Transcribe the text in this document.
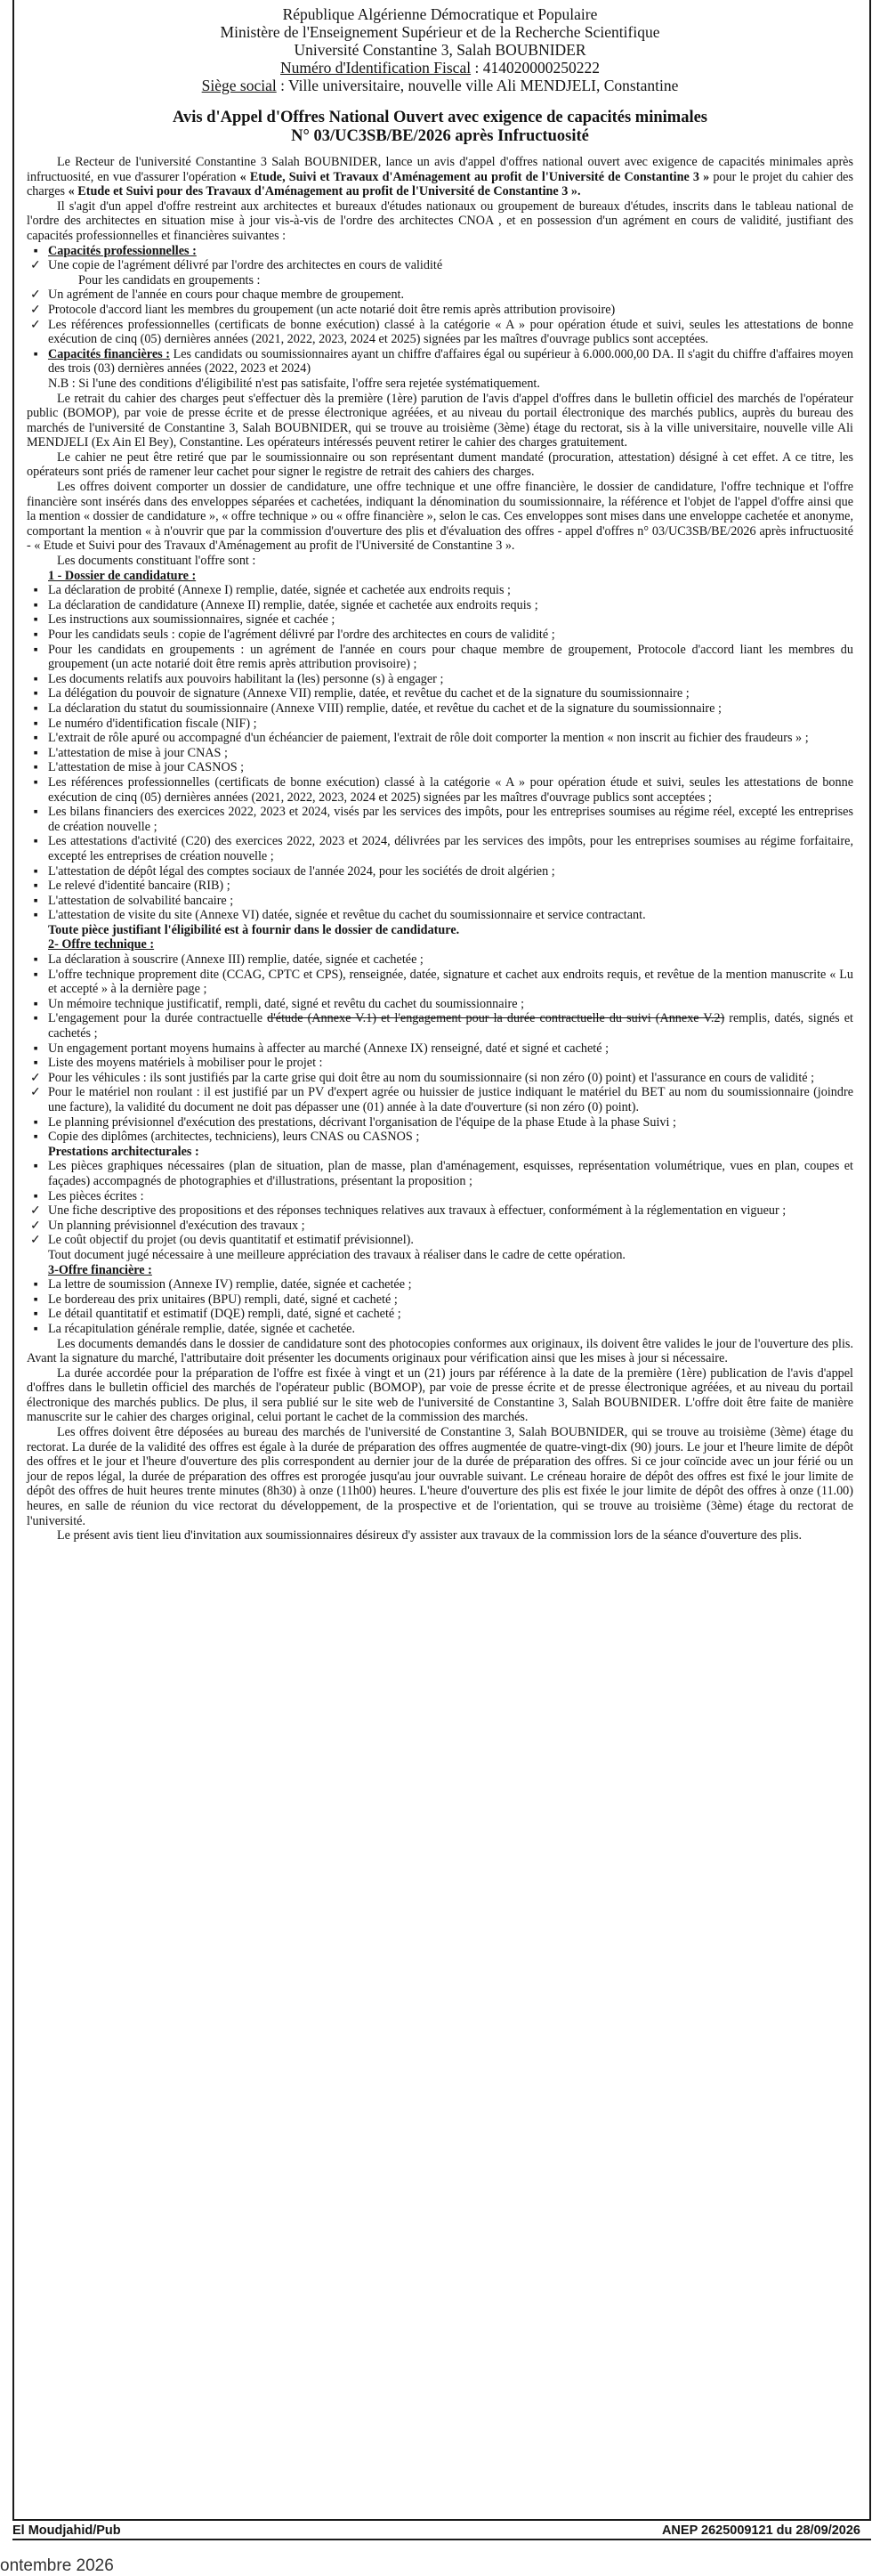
République Algérienne Démocratique et Populaire
Ministère de l'Enseignement Supérieur et de la Recherche Scientifique
Université Constantine 3, Salah BOUBNIDER
Numéro d'Identification Fiscal : 414020000250222
Siège social : Ville universitaire, nouvelle ville Ali MENDJELI, Constantine
Avis d'Appel d'Offres National Ouvert avec exigence de capacités minimales
N° 03/UC3SB/BE/2026 après Infructuosité

Le Recteur de l'université Constantine 3 Salah BOUBNIDER, lance un avis d'appel d'offres national ouvert avec exigence de capacités minimales après infructuosité, en vue d'assurer l'opération « Etude, Suivi et Travaux d'Aménagement au profit de l'Université de Constantine 3 » pour le projet du cahier des charges « Etude et Suivi pour des Travaux d'Aménagement au profit de l'Université de Constantine 3 ».

Il s'agit d'un appel d'offre restreint aux architectes et bureaux d'études nationaux ou groupement de bureaux d'études, inscrits dans le tableau national de l'ordre des architectes en situation mise à jour vis-à-vis de l'ordre des architectes CNOA , et en possession d'un agrément en cours de validité, justifiant des capacités professionnelles et financières suivantes :

▪ Capacités professionnelles :
✓ Une copie de l'agrément délivré par l'ordre des architectes en cours de validité

Pour les candidats en groupements :

✓ Un agrément de l'année en cours pour chaque membre de groupement.
✓ Protocole d'accord liant les membres du groupement (un acte notarié doit être remis après attribution provisoire)
✓ Les références professionnelles (certificats de bonne exécution) classé à la catégorie « A » pour opération étude et suivi, seules les attestations de bonne exécution de cinq (05) dernières années (2021, 2022, 2023, 2024 et 2025) signées par les maîtres d'ouvrage publics sont acceptées.
▪ Capacités financières : Les candidats ou soumissionnaires ayant un chiffre d'affaires égal ou supérieur à 6.000.000,00 DA. Il s'agit du chiffre d'affaires moyen des trois (03) dernières années (2022, 2023 et 2024)

N.B : Si l'une des conditions d'éligibilité n'est pas satisfaite, l'offre sera rejetée systématiquement.

Le retrait du cahier des charges peut s'effectuer dès la première (1ère) parution de l'avis d'appel d'offres dans le bulletin officiel des marchés de l'opérateur public (BOMOP), par voie de presse écrite et de presse électronique agréées, et au niveau du portail électronique des marchés publics, auprès du bureau des marchés de l'université de Constantine 3, Salah BOUBNIDER, qui se trouve au troisième (3ème) étage du rectorat, sis à la ville universitaire, nouvelle ville Ali MENDJELI (Ex Ain El Bey), Constantine. Les opérateurs intéressés peuvent retirer le cahier des charges gratuitement.

Le cahier ne peut être retiré que par le soumissionnaire ou son représentant dument mandaté (procuration, attestation) désigné à cet effet. A ce titre, les opérateurs sont priés de ramener leur cachet pour signer le registre de retrait des cahiers des charges.

Les offres doivent comporter un dossier de candidature, une offre technique et une offre financière, le dossier de candidature, l'offre technique et l'offre financière sont insérés dans des enveloppes séparées et cachetées, indiquant la dénomination du soumissionnaire, la référence et l'objet de l'appel d'offre ainsi que la mention « dossier de candidature », « offre technique » ou « offre financière », selon le cas. Ces enveloppes sont mises dans une enveloppe cachetée et anonyme, comportant la mention « à n'ouvrir que par la commission d'ouverture des plis et d'évaluation des offres - appel d'offres n° 03/UC3SB/BE/2026 après infructuosité - « Etude et Suivi pour des Travaux d'Aménagement au profit de l'Université de Constantine 3 ».

Les documents constituant l'offre sont :

1 - Dossier de candidature :

▪ La déclaration de probité (Annexe I) remplie, datée, signée et cachetée aux endroits requis ;
▪ La déclaration de candidature (Annexe II) remplie, datée, signée et cachetée aux endroits requis ;
▪ Les instructions aux soumissionnaires, signée et cachée ;
▪ Pour les candidats seuls : copie de l'agrément délivré par l'ordre des architectes en cours de validité ;
▪ Pour les candidats en groupements : un agrément de l'année en cours pour chaque membre de groupement, Protocole d'accord liant les membres du groupement (un acte notarié doit être remis après attribution provisoire) ;
▪ Les documents relatifs aux pouvoirs habilitant la (les) personne (s) à engager ;
▪ La délégation du pouvoir de signature (Annexe VII) remplie, datée, et revêtue du cachet et de la signature du soumissionnaire ;
▪ La déclaration du statut du soumissionnaire (Annexe VIII) remplie, datée, et revêtue du cachet et de la signature du soumissionnaire ;
▪ Le numéro d'identification fiscale (NIF) ;
▪ L'extrait de rôle apuré ou accompagné d'un échéancier de paiement, l'extrait de rôle doit comporter la mention « non inscrit au fichier des fraudeurs » ;
▪ L'attestation de mise à jour CNAS ;
▪ L'attestation de mise à jour CASNOS ;
▪ Les références professionnelles (certificats de bonne exécution) classé à la catégorie « A » pour opération étude et suivi, seules les attestations de bonne exécution de cinq (05) dernières années (2021, 2022, 2023, 2024 et 2025) signées par les maîtres d'ouvrage publics sont acceptées ;
▪ Les bilans financiers des exercices 2022, 2023 et 2024, visés par les services des impôts, pour les entreprises soumises au régime réel, excepté les entreprises de création nouvelle ;
▪ Les attestations d'activité (C20) des exercices 2022, 2023 et 2024, délivrées par les services des impôts, pour les entreprises soumises au régime forfaitaire, excepté les entreprises de création nouvelle ;
▪ L'attestation de dépôt légal des comptes sociaux de l'année 2024, pour les sociétés de droit algérien ;
▪ Le relevé d'identité bancaire (RIB) ;
▪ L'attestation de solvabilité bancaire ;
▪ L'attestation de visite du site (Annexe VI) datée, signée et revêtue du cachet du soumissionnaire et service contractant.

Toute pièce justifiant l'éligibilité est à fournir dans le dossier de candidature.

2- Offre technique :

▪ La déclaration à souscrire (Annexe III) remplie, datée, signée et cachetée ;
▪ L'offre technique proprement dite (CCAG, CPTC et CPS), renseignée, datée, signature et cachet aux endroits requis, et revêtue de la mention manuscrite « Lu et accepté » à la dernière page ;
▪ Un mémoire technique justificatif, rempli, daté, signé et revêtu du cachet du soumissionnaire ;
▪ L'engagement pour la durée contractuelle d'étude (Annexe V.1) et l'engagement pour la durée contractuelle du suivi (Annexe V.2) remplis, datés, signés et cachetés ;
▪ Un engagement portant moyens humains à affecter au marché (Annexe IX) renseigné, daté et signé et cacheté ;
▪ Liste des moyens matériels à mobiliser pour le projet :
✓ Pour les véhicules : ils sont justifiés par la carte grise qui doit être au nom du soumissionnaire (si non zéro (0) point) et l'assurance en cours de validité ;
✓ Pour le matériel non roulant : il est justifié par un PV d'expert agrée ou huissier de justice indiquant le matériel du BET au nom du soumissionnaire (joindre une facture), la validité du document ne doit pas dépasser une (01) année à la date d'ouverture (si non zéro (0) point).
▪ Le planning prévisionnel d'exécution des prestations, décrivant l'organisation de l'équipe de la phase Etude à la phase Suivi ;
▪ Copie des diplômes (architectes, techniciens), leurs CNAS ou CASNOS ;

Prestations architecturales :

▪ Les pièces graphiques nécessaires (plan de situation, plan de masse, plan d'aménagement, esquisses, représentation volumétrique, vues en plan, coupes et façades) accompagnés de photographies et d'illustrations, présentant la proposition ;
▪ Les pièces écrites :
✓ Une fiche descriptive des propositions et des réponses techniques relatives aux travaux à effectuer, conformément à la réglementation en vigueur ;
✓ Un planning prévisionnel d'exécution des travaux ;
✓ Le coût objectif du projet (ou devis quantitatif et estimatif prévisionnel).

Tout document jugé nécessaire à une meilleure appréciation des travaux à réaliser dans le cadre de cette opération.

3-Offre financière :

▪ La lettre de soumission (Annexe IV) remplie, datée, signée et cachetée ;
▪ Le bordereau des prix unitaires (BPU) rempli, daté, signé et cacheté ;
▪ Le détail quantitatif et estimatif (DQE) rempli, daté, signé et cacheté ;
▪ La récapitulation générale remplie, datée, signée et cachetée.

Les documents demandés dans le dossier de candidature sont des photocopies conformes aux originaux, ils doivent être valides le jour de l'ouverture des plis. Avant la signature du marché, l'attributaire doit présenter les documents originaux pour vérification ainsi que les mises à jour si nécessaire.

La durée accordée pour la préparation de l'offre est fixée à vingt et un (21) jours par référence à la date de la première (1ère) publication de l'avis d'appel d'offres dans le bulletin officiel des marchés de l'opérateur public (BOMOP), par voie de presse écrite et de presse électronique agréées, et au niveau du portail électronique des marchés publics. De plus, il sera publié sur le site web de l'université de Constantine 3, Salah BOUBNIDER. L'offre doit être faite de manière manuscrite sur le cahier des charges original, celui portant le cachet de la commission des marchés.

Les offres doivent être déposées au bureau des marchés de l'université de Constantine 3, Salah BOUBNIDER, qui se trouve au troisième (3ème) étage du rectorat. La durée de la validité des offres est égale à la durée de préparation des offres augmentée de quatre-vingt-dix (90) jours. Le jour et l'heure limite de dépôt des offres et le jour et l'heure d'ouverture des plis correspondent au dernier jour de la durée de préparation des offres. Si ce jour coïncide avec un jour férié ou un jour de repos légal, la durée de préparation des offres est prorogée jusqu'au jour ouvrable suivant. Le créneau horaire de dépôt des offres est fixé le jour limite de dépôt des offres de huit heures trente minutes (8h30) à onze (11h00) heures. L'heure d'ouverture des plis est fixée le jour limite de dépôt des offres à onze (11.00) heures, en salle de réunion du vice rectorat du développement, de la prospective et de l'orientation, qui se trouve au troisième (3ème) étage du rectorat de l'université.

Le présent avis tient lieu d'invitation aux soumissionnaires désireux d'y assister aux travaux de la commission lors de la séance d'ouverture des plis.

El Moudjahid/Pub	ANEP 2625009121 du 28/09/2026
ontembre 2026
